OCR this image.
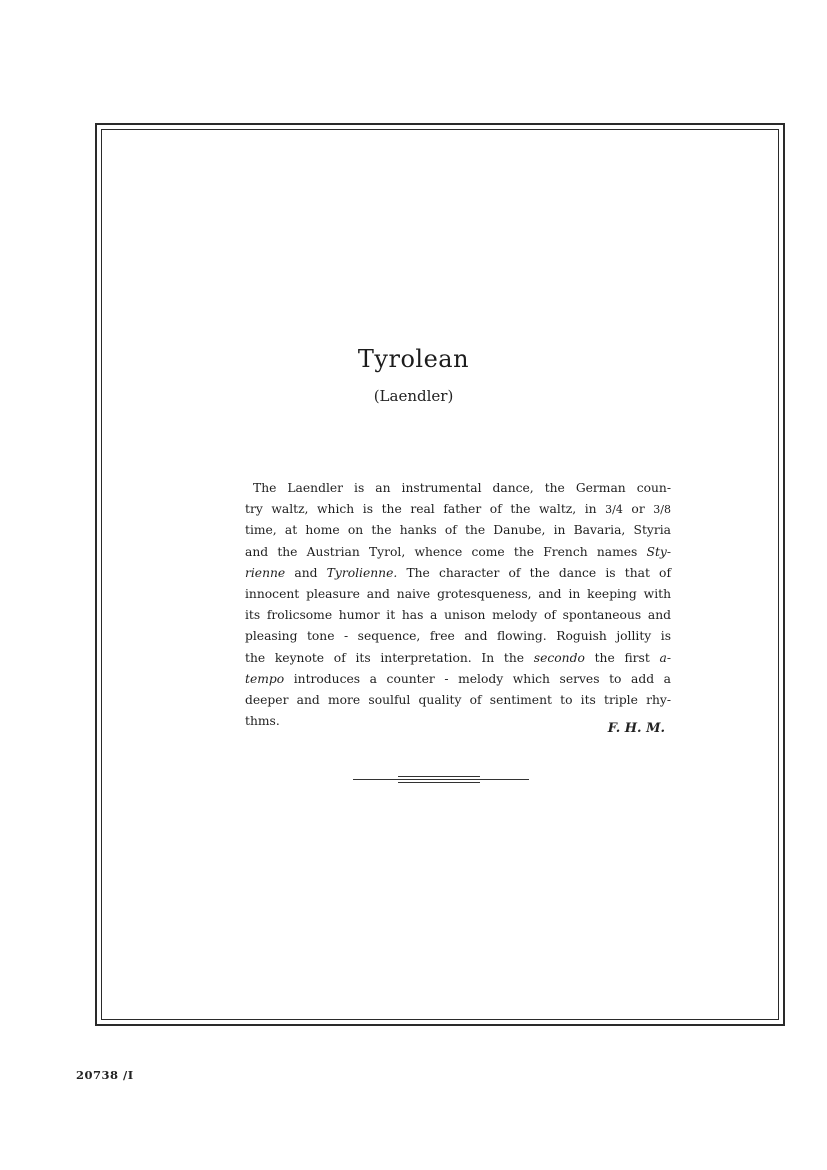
Tyrolean
(Laendler)
The Laendler is an instrumental dance, the German coun-
try waltz, which is the real father of the waltz, in 3/4 or 3/8
time, at home on the hanks of the Danube, in Bavaria, Styria
and the Austrian Tyrol, whence come the French names Sty-
rienne and Tyrolienne. The character of the dance is that of
innocent pleasure and naive grotesqueness, and in keeping with
its frolicsome humor it has a unison melody of spontaneous and
pleasing tone - sequence, free and flowing. Roguish jollity is
the keynote of its interpretation. In the secondo the first a-
tempo introduces a counter - melody which serves to add a
deeper and more soulful quality of sentiment to its triple rhy-
thms.	F. H. M.
20738 /I
